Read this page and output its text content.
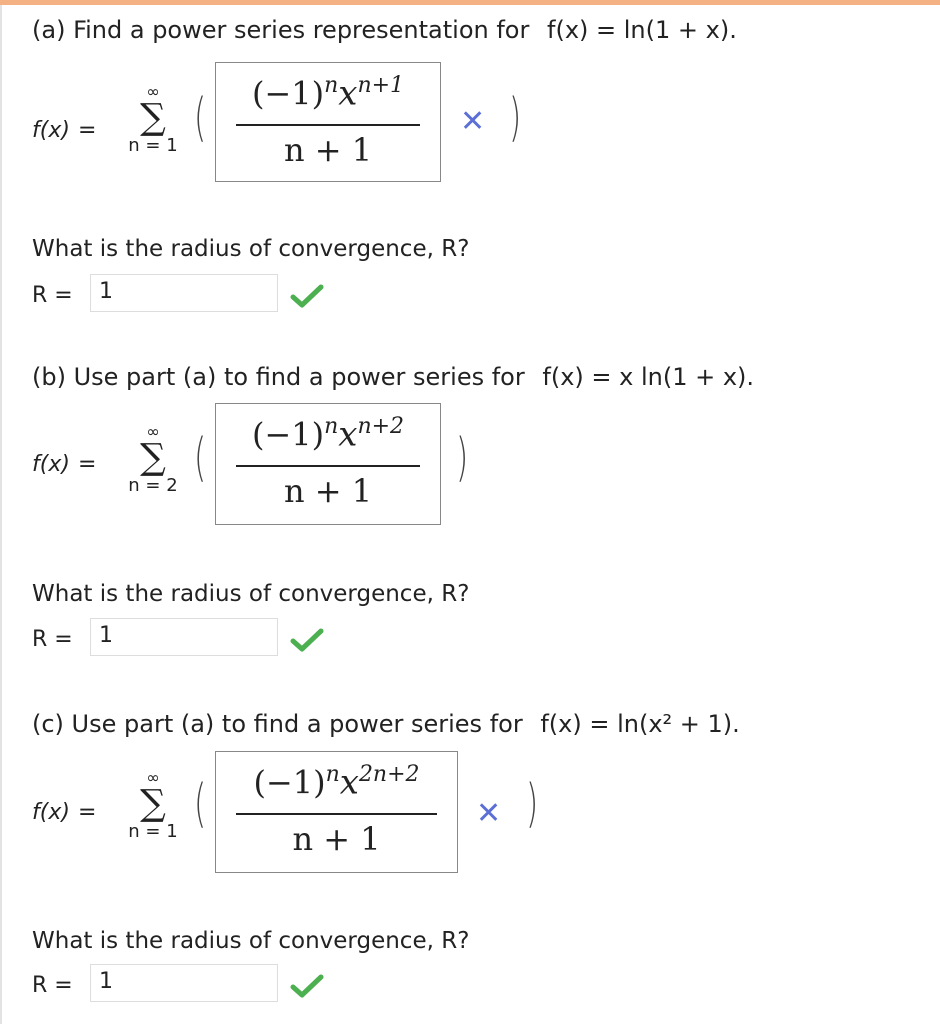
(a) Find a power series representation for f(x) = ln(1 + x).
f(x) =
∞
∑
n = 1 (	$(-1)^nx^{n+1}$
n + 1
✕ )
What is the radius of convergence, R?
R =	1
(b) Use part (a) to find a power series for f(x) = x ln(1 + x).
f(x) =
∞
∑
n = 2 (	$(-1)^nx^{n+2}$
n + 1
)
What is the radius of convergence, R?
R =	1
(c) Use part (a) to find a power series for f(x) = ln(x² + 1).
f(x) =
∞
∑
n = 1 (	$(-1)^nx^{2n+2}$
n + 1
✕ )
What is the radius of convergence, R?
R =	1
